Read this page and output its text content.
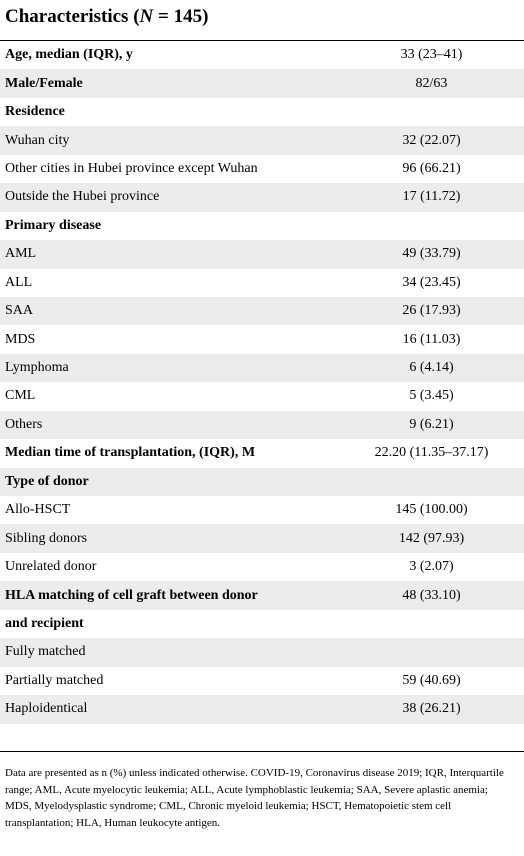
Characteristics (N = 145)
Age, median (IQR), y	33 (23–41)
Male/Female	82/63
Residence	
Wuhan city	32 (22.07)
Other cities in Hubei province except Wuhan	96 (66.21)
Outside the Hubei province	17 (11.72)
Primary disease	
AML	49 (33.79)
ALL	34 (23.45)
SAA	26 (17.93)
MDS	16 (11.03)
Lymphoma	6 (4.14)
CML	5 (3.45)
Others	9 (6.21)
Median time of transplantation, (IQR), M	22.20 (11.35–37.17)
Type of donor	
Allo-HSCT	145 (100.00)
Sibling donors	142 (97.93)
Unrelated donor	3 (2.07)
HLA matching of cell graft between donor	48 (33.10)
and recipient	
Fully matched	
Partially matched	59 (40.69)
Haploidentical	38 (26.21)
Data are presented as n (%) unless indicated otherwise. COVID-19, Coronavirus disease 2019; IQR, Interquartile range; AML, Acute myelocytic leukemia; ALL, Acute lymphoblastic leukemia; SAA, Severe aplastic anemia; MDS, Myelodysplastic syndrome; CML, Chronic myeloid leukemia; HSCT, Hematopoietic stem cell transplantation; HLA, Human leukocyte antigen.
